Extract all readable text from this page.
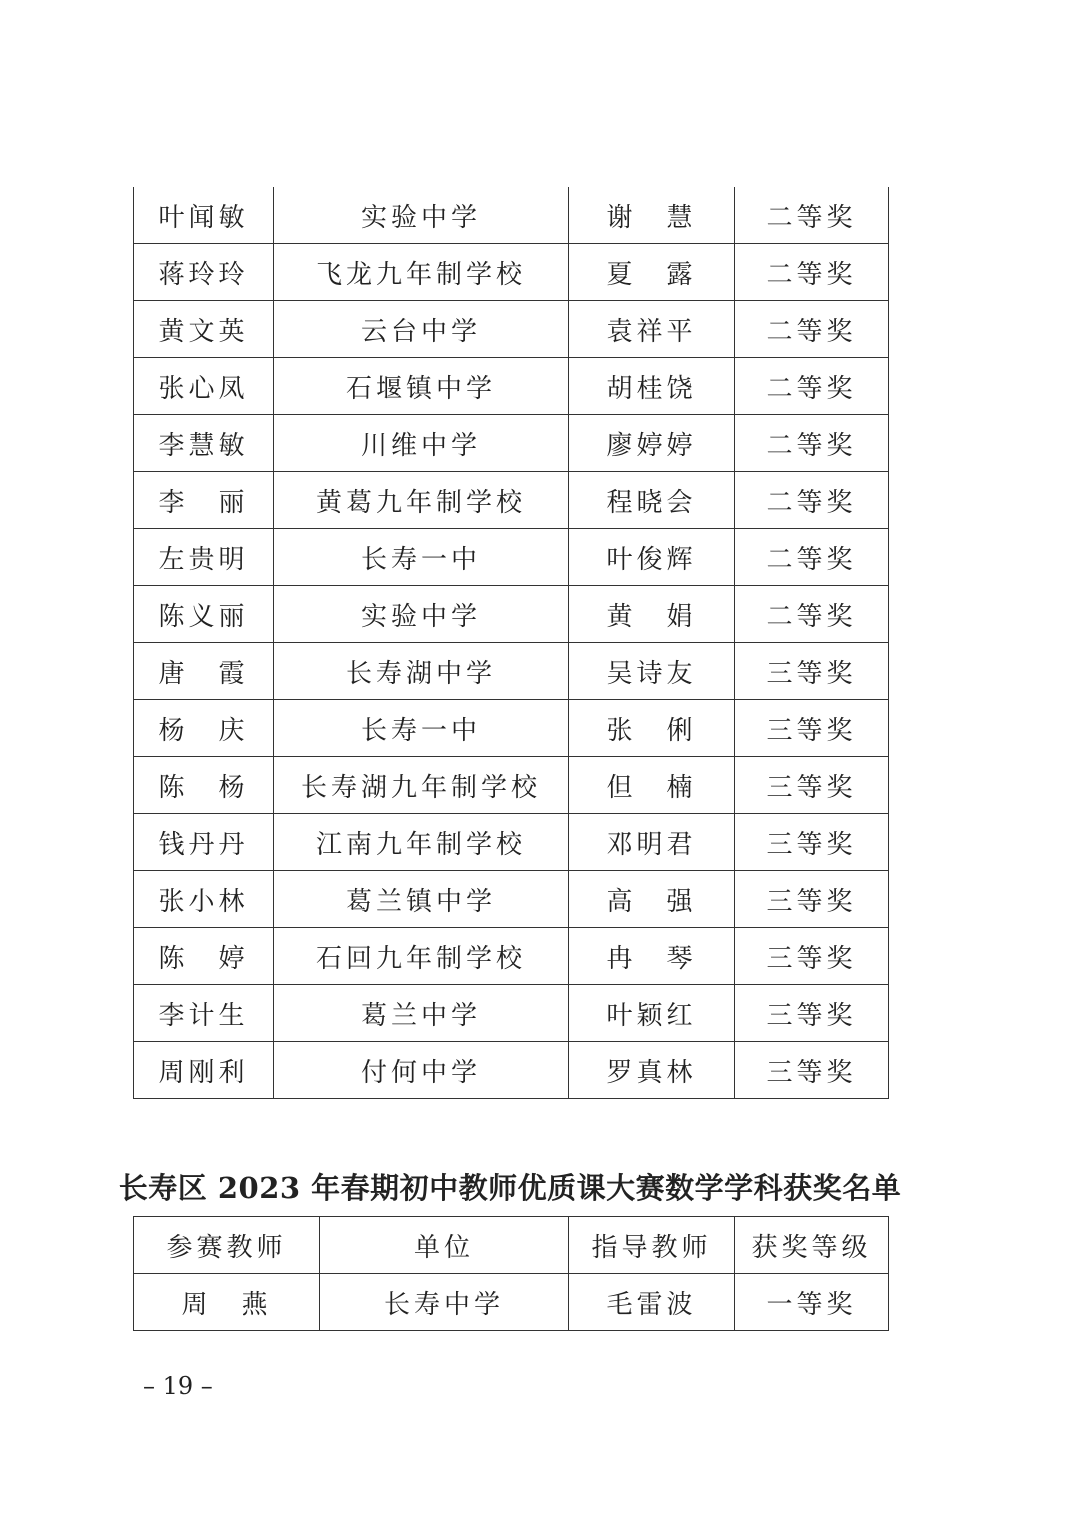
叶闻敏	实验中学	谢　慧	二等奖
蒋玲玲	飞龙九年制学校	夏　露	二等奖
黄文英	云台中学	袁祥平	二等奖
张心凤	石堰镇中学	胡桂饶	二等奖
李慧敏	川维中学	廖婷婷	二等奖
李　丽	黄葛九年制学校	程晓会	二等奖
左贵明	长寿一中	叶俊辉	二等奖
陈义丽	实验中学	黄　娟	二等奖
唐　霞	长寿湖中学	吴诗友	三等奖
杨　庆	长寿一中	张　俐	三等奖
陈　杨	长寿湖九年制学校	但　楠	三等奖
钱丹丹	江南九年制学校	邓明君	三等奖
张小林	葛兰镇中学	高　强	三等奖
陈　婷	石回九年制学校	冉　琴	三等奖
李计生	葛兰中学	叶颖红	三等奖
周刚利	付何中学	罗真林	三等奖
长寿区 2023 年春期初中教师优质课大赛数学学科获奖名单
参赛教师	单位	指导教师	获奖等级
周　燕	长寿中学	毛雷波	一等奖
– 19 –
